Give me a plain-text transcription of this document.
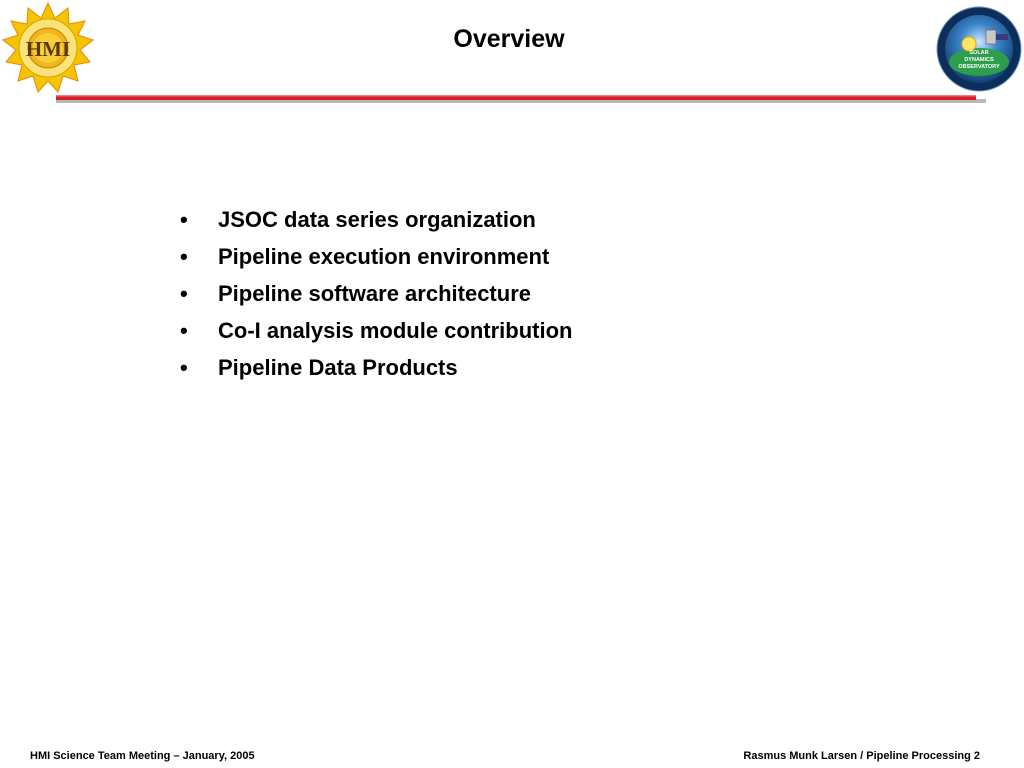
HMI	Overview	SOLAR
DYNAMICS
OBSERVATORY
• JSOC data series organization
• Pipeline execution environment
• Pipeline software architecture
• Co-I analysis module contribution
• Pipeline Data Products
HMI Science Team Meeting – January, 2005	Rasmus Munk Larsen / Pipeline Processing 2
